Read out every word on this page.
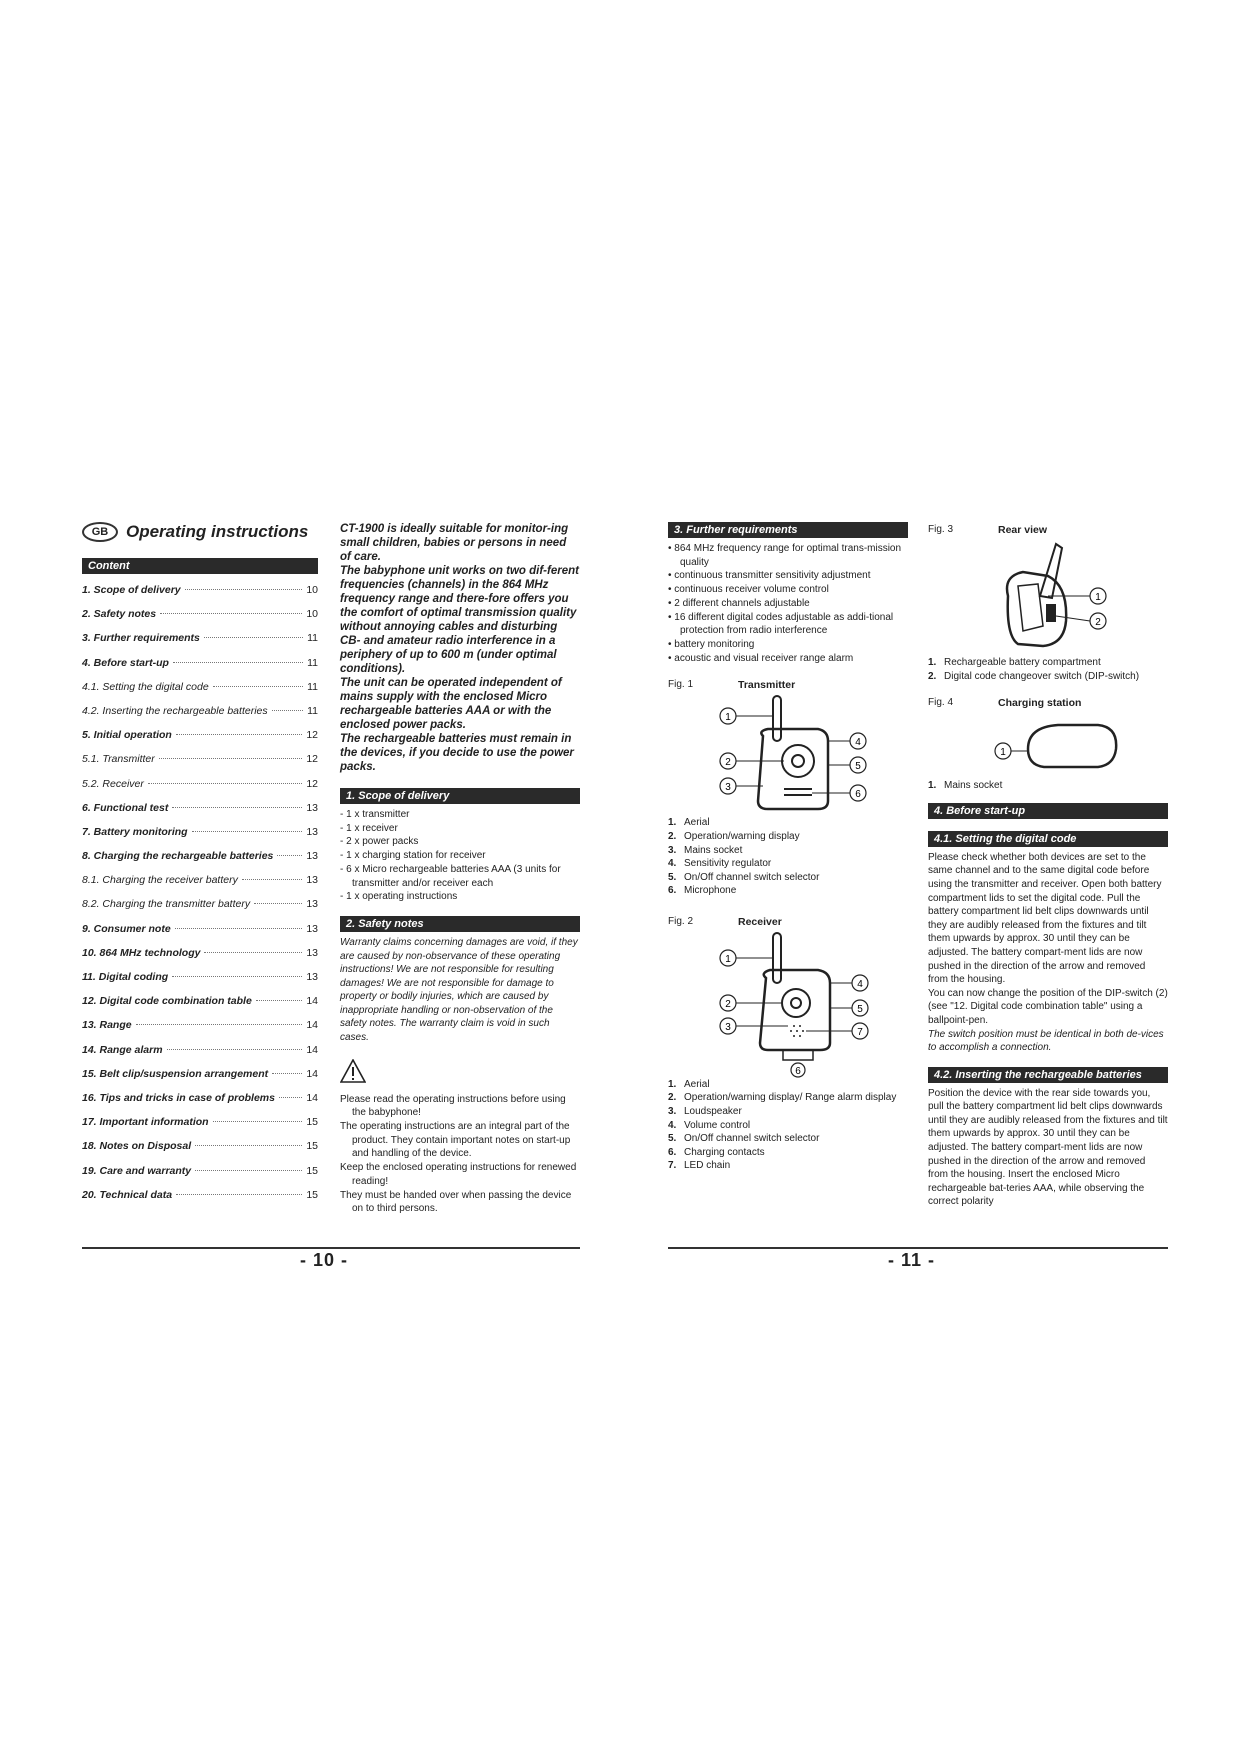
GB	Operating instructions
Content
1. Scope of delivery	10
2. Safety notes	10
3. Further requirements	11
4. Before start-up	11
4.1. Setting the digital code	11
4.2. Inserting the rechargeable batteries	11
5. Initial operation	12
5.1. Transmitter	12
5.2. Receiver	12
6. Functional test	13
7. Battery monitoring	13
8. Charging the rechargeable batteries	13
8.1. Charging the receiver battery	13
8.2. Charging the transmitter battery	13
9. Consumer note	13
10. 864 MHz technology	13
11. Digital coding	13
12. Digital code combination table	14
13. Range	14
14. Range alarm	14
15. Belt clip/suspension arrangement	14
16. Tips and tricks in case of problems	14
17. Important information	15
18. Notes on Disposal	15
19. Care and warranty	15
20. Technical data	15

CT-1900 is ideally suitable for monitor-ing small children, babies or persons in need of care.

The babyphone unit works on two dif-ferent frequencies (channels) in the 864 MHz frequency range and there-fore offers you the comfort of optimal transmission quality without annoying cables and disturbing CB- and amateur radio interference in a periphery of up to 600 m (under optimal conditions).

The unit can be operated independent of mains supply with the enclosed Micro rechargeable batteries AAA or with the enclosed power packs.

The rechargeable batteries must remain in the devices, if you decide to use the power packs.

1. Scope of delivery
- 1 x transmitter
- 1 x receiver
- 2 x power packs
- 1 x charging station for receiver
- 6 x Micro rechargeable batteries AAA (3 units for transmitter and/or receiver each
- 1 x operating instructions
2. Safety notes

Warranty claims concerning damages are void, if they are caused by non-observance of these operating instructions! We are not responsible for resulting damages! We are not responsible for damage to property or bodily injuries, which are caused by inappropriate handling or non-observation of the safety notes. The warranty claim is void in such cases.

Please read the operating instructions before using the babyphone!
The operating instructions are an integral part of the product. They contain important notes on start-up and handling of the device.
Keep the enclosed operating instructions for renewed reading!
They must be handed over when passing the device on to third persons.
- 10 -
3. Further requirements
• 864 MHz frequency range for optimal trans-mission quality
• continuous transmitter sensitivity adjustment
• continuous receiver volume control
• 2 different channels adjustable
• 16 different digital codes adjustable as addi-tional protection from radio interference
• battery monitoring
• acoustic and visual receiver range alarm
Fig. 1	Transmitter
1
2
3
4
5
6
1. Aerial
2. Operation/warning display
3. Mains socket
4. Sensitivity regulator
5. On/Off channel switch selector
6. Microphone
Fig. 2	Receiver
1
2
3
4
5
7
6
1. Aerial
2. Operation/warning display/ Range alarm display
3. Loudspeaker
4. Volume control
5. On/Off channel switch selector
6. Charging contacts
7. LED chain
Fig. 3	Rear view
1
2
1. Rechargeable battery compartment
2. Digital code changeover switch (DIP-switch)
Fig. 4	Charging station
1
1. Mains socket
4. Before start-up
4.1. Setting the digital code

Please check whether both devices are set to the same channel and to the same digital code before using the transmitter and receiver. Open both battery compartment lids to set the digital code. Pull the battery compartment lid belt clips downwards until they are audibly released from the fixtures and tilt them upwards by approx. 30 until they can be adjusted. The battery compart-ment lids are now pushed in the direction of the arrow and removed from the housing.

You can now change the position of the DIP-switch (2) (see "12. Digital code combination table" using a ballpoint-pen.

The switch position must be identical in both de-vices to accomplish a connection.

4.2. Inserting the rechargeable batteries

Position the device with the rear side towards you, pull the battery compartment lid belt clips downwards until they are audibly released from the fixtures and tilt them upwards by approx. 30 until they can be adjusted. The battery compart-ment lids are now pushed in the direction of the arrow and removed from the housing. Insert the enclosed Micro rechargeable bat-teries AAA, while observing the correct polarity

- 11 -
